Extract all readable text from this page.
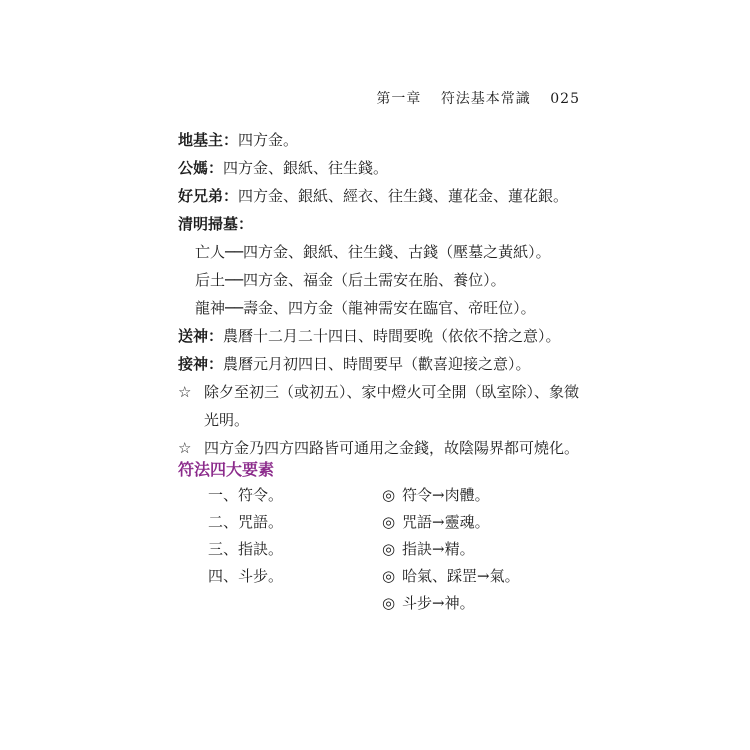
第一章 符法基本常識 025
地基主：四方金。
公媽：四方金、銀紙、往生錢。
好兄弟：四方金、銀紙、經衣、往生錢、蓮花金、蓮花銀。
清明掃墓：
亡人──四方金、銀紙、往生錢、古錢（壓墓之黃紙）。
后土──四方金、福金（后土需安在胎、養位）。
龍神──壽金、四方金（龍神需安在臨官、帝旺位）。
送神：農曆十二月二十四日、時間要晚（依依不捨之意）。
接神：農曆元月初四日、時間要早（歡喜迎接之意）。
☆ 除夕至初三（或初五）、家中燈火可全開（臥室除）、象徵
光明。
☆ 四方金乃四方四路皆可通用之金錢，故陰陽界都可燒化。
符法四大要素
一、符令。
二、咒語。
三、指訣。
四、斗步。
◎ 符令→肉體。
◎ 咒語→靈魂。
◎ 指訣→精。
◎ 哈氣、踩罡→氣。
◎ 斗步→神。
